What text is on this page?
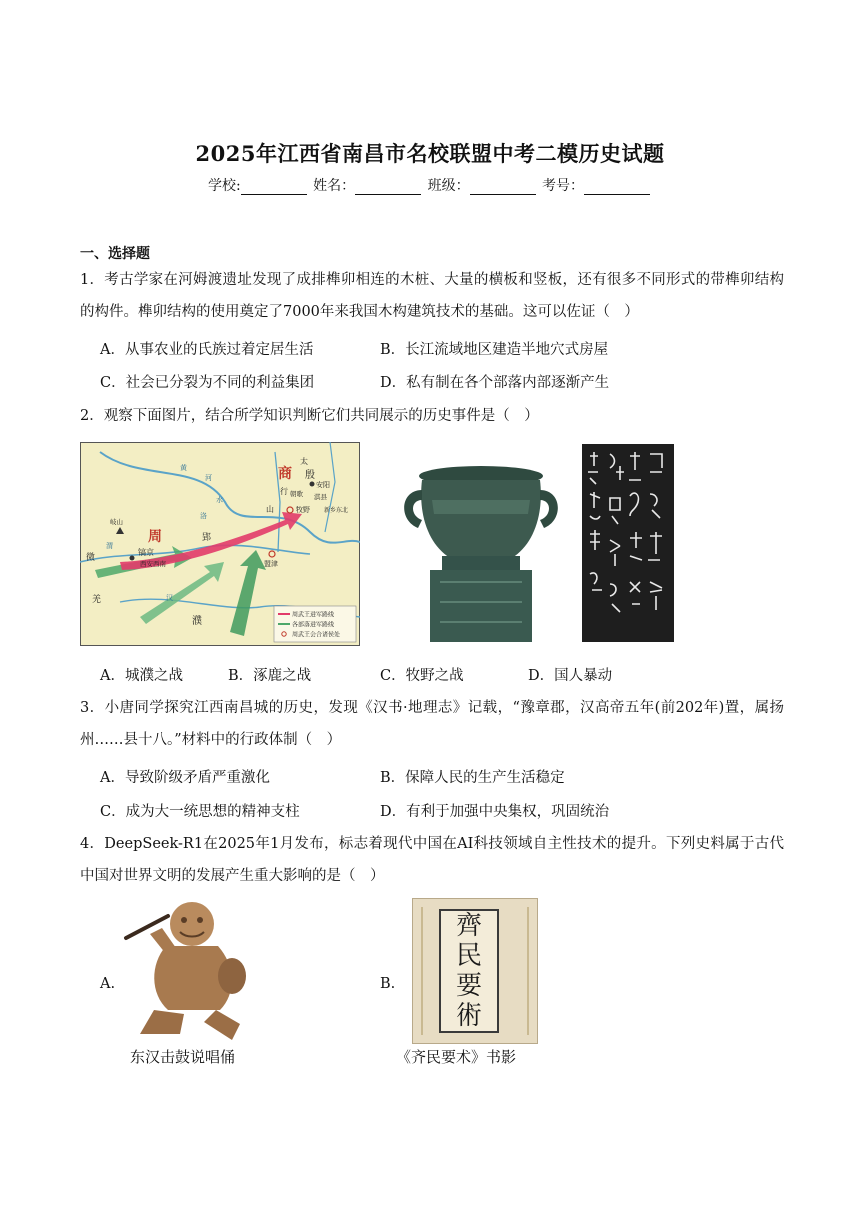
2025年江西省南昌市名校联盟中考二模历史试题
学校:	姓名：	班级：	考号：
一、选择题
1．考古学家在河姆渡遗址发现了成排榫卯相连的木桩、大量的横板和竖板，还有很多不同形式的带榫卯结构的构件。榫卯结构的使用奠定了7000年来我国木构建筑技术的基础。这可以佐证（　）
A．从事农业的氏族过着定居生活	B．长江流域地区建造半地穴式房屋
C．社会已分裂为不同的利益集团	D．私有制在各个部落内部逐渐产生
2．观察下面图片，结合所学知识判断它们共同展示的历史事件是（　）
商 殷
安阳
太
行
山
朝歌 淇县
牧野 新乡东北
盟津
周
镐京
西安西南
岐山
微
羌
濮
郢
黄
河
渭
汉
水
洛
周武王进军路线
各部落进军路线
周武王会合诸侯处
A．城濮之战	B．涿鹿之战	C．牧野之战	D．国人暴动
3．小唐同学探究江西南昌城的历史，发现《汉书·地理志》记载，“豫章郡，汉高帝五年(前202年)置，属扬州……县十八。”材料中的行政体制（　）
A．导致阶级矛盾严重激化	B．保障人民的生产生活稳定
C．成为大一统思想的精神支柱	D．有利于加强中央集权，巩固统治
4．DeepSeek-R1在2025年1月发布，标志着现代中国在AI科技领域自主性技术的提升。下列史料属于古代中国对世界文明的发展产生重大影响的是（　）
A.
东汉击鼓说唱俑
B.
齊
民
要
術
《齐民要术》书影
